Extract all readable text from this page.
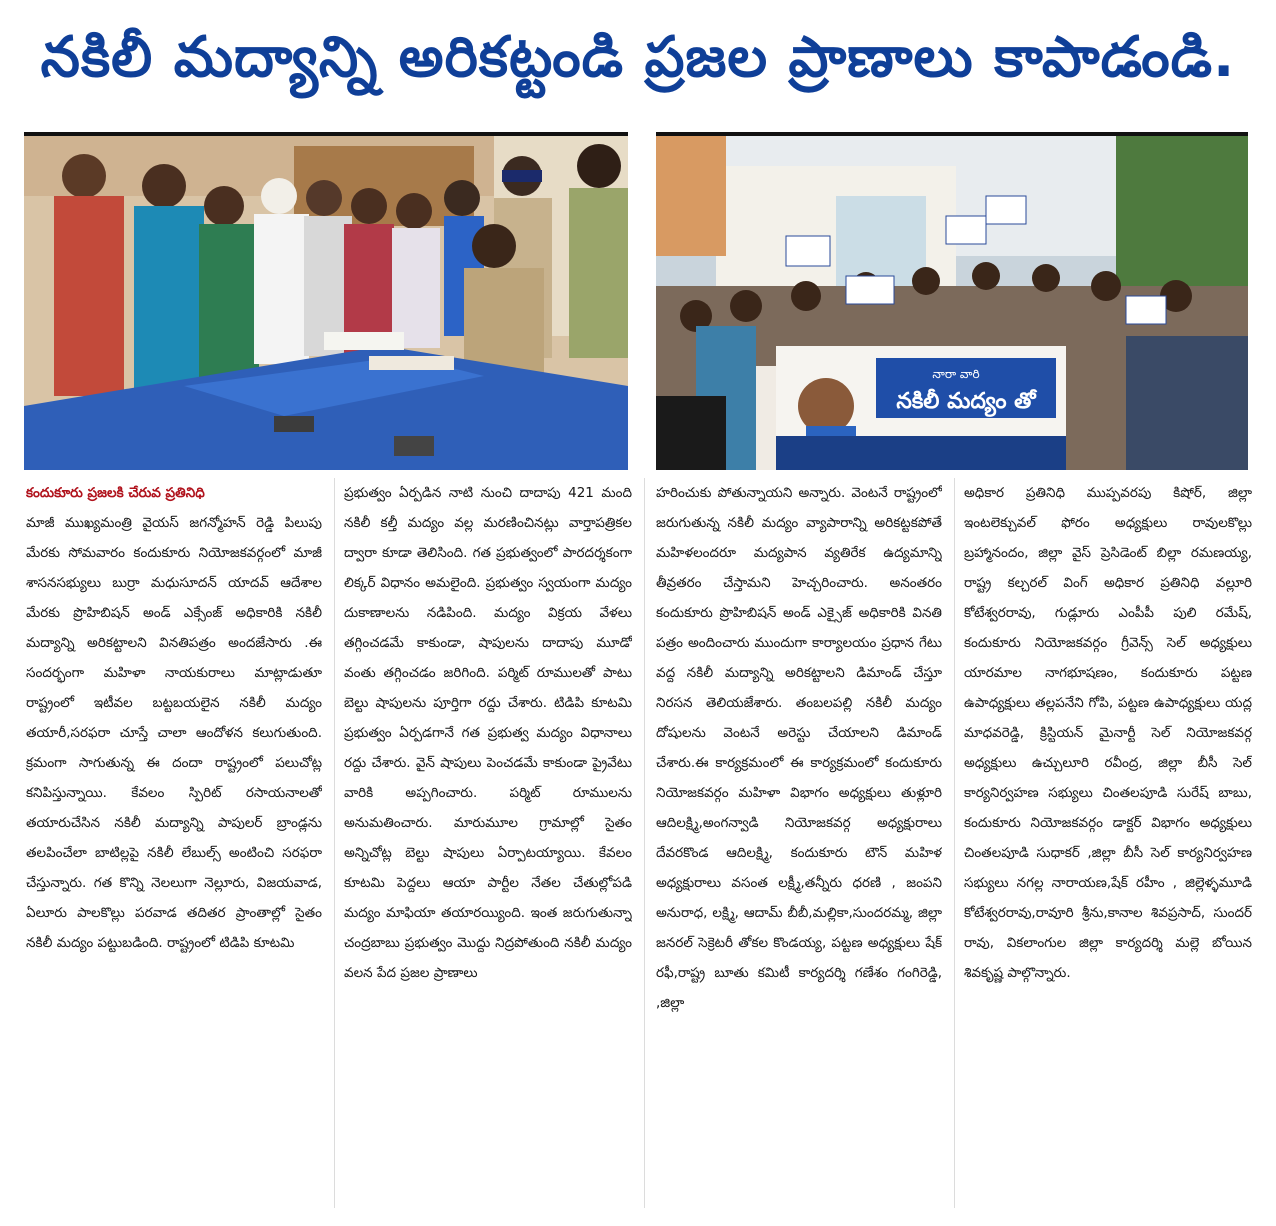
నకిలీ మద్యాన్ని అరికట్టండి ప్రజల ప్రాణాలు కాపాడండి.
నారా వారి
నకిలీ మద్యం తో
కందుకూరు ప్రజలకి చేరువ ప్రతినిధి
మాజీ ముఖ్యమంత్రి వైయస్ జగన్మోహన్ రెడ్డి పిలుపు మేరకు సోమవారం కందుకూరు నియోజకవర్గంలో మాజీ శాసనసభ్యులు బుర్రా మధుసూదన్ యాదవ్ ఆదేశాల మేరకు ప్రొహిబిషన్ అండ్ ఎక్సేంజ్ అధికారికి నకిలీ మద్యాన్ని అరికట్టాలని వినతిపత్రం అందజేసారు .ఈ సందర్భంగా మహిళా నాయకురాలు మాట్లాడుతూ రాష్ట్రంలో ఇటీవల బట్టబయలైన నకిలీ మద్యం తయారీ,సరఫరా చూస్తే చాలా ఆందోళన కలుగుతుంది. క్రమంగా సాగుతున్న ఈ దందా రాష్ట్రంలో పలుచోట్ల కనిపిస్తున్నాయి. కేవలం స్పిరిట్ రసాయనాలతో తయారుచేసిన నకిలీ మద్యాన్ని పాపులర్ బ్రాండ్లను తలపించేలా బాటిల్లపై నకిలీ లేబుల్స్ అంటించి సరఫరా చేస్తున్నారు. గత కొన్ని నెలలుగా నెల్లూరు, విజయవాడ, ఏలూరు పాలకొల్లు పరవాడ తదితర ప్రాంతాల్లో సైతం నకిలీ మద్యం పట్టుబడింది. రాష్ట్రంలో టిడిపి కూటమి
ప్రభుత్వం ఏర్పడిన నాటి నుంచి దాదాపు 421 మంది నకిలీ కల్తీ మద్యం వల్ల మరణించినట్లు వార్తాపత్రికల ద్వారా కూడా తెలిసింది. గత ప్రభుత్వంలో పారదర్శకంగా లిక్కర్ విధానం అమలైంది. ప్రభుత్వం స్వయంగా మద్యం దుకాణాలను నడిపింది. మద్యం విక్రయ వేళలు తగ్గించడమే కాకుండా, షాపులను దాదాపు మూడో వంతు తగ్గించడం జరిగింది. పర్మిట్ రూములతో పాటు బెల్టు షాపులను పూర్తిగా రద్దు చేశారు. టిడిపి కూటమి ప్రభుత్వం ఏర్పడగానే గత ప్రభుత్వ మద్యం విధానాలు రద్దు చేశారు. వైన్ షాపులు పెంచడమే కాకుండా ప్రైవేటు వారికి అప్పగించారు. పర్మిట్ రూములను అనుమతించారు. మారుమూల గ్రామాల్లో సైతం అన్నిచోట్ల బెల్టు షాపులు ఏర్పాటయ్యాయి. కేవలం కూటమి పెద్దలు ఆయా పార్టీల నేతల చేతుల్లోపడి మద్యం మాఫియా తయారయ్యింది. ఇంత జరుగుతున్నా చంద్రబాబు ప్రభుత్వం మొద్దు నిద్రపోతుంది నకిలీ మద్యం వలన పేద ప్రజల ప్రాణాలు
హరించుకు పోతున్నాయని అన్నారు. వెంటనే రాష్ట్రంలో జరుగుతున్న నకిలీ మద్యం వ్యాపారాన్ని అరికట్టకపోతే మహిళలందరూ మద్యపాన వ్యతిరేక ఉద్యమాన్ని తీవ్రతరం చేస్తామని హెచ్చరించారు. అనంతరం కందుకూరు ప్రొహిబిషన్ అండ్ ఎక్సైజ్ అధికారికి వినతి పత్రం అందించారు ముందుగా కార్యాలయం ప్రధాన గేటు వద్ద నకిలీ మద్యాన్ని అరికట్టాలని డిమాండ్ చేస్తూ నిరసన తెలియజేశారు. తంబలపల్లి నకిలీ మద్యం దోషులను వెంటనే అరెస్టు చేయాలని డిమాండ్ చేశారు.ఈ కార్యక్రమంలో ఈ కార్యక్రమంలో కందుకూరు నియోజకవర్గం మహిళా విభాగం అధ్యక్షులు తుళ్లూరి ఆదిలక్ష్మి,అంగన్వాడి నియోజకవర్గ అధ్యక్షురాలు దేవరకొండ ఆదిలక్ష్మి, కందుకూరు టౌన్ మహిళ అధ్యక్షురాలు వసంత లక్ష్మీ,తన్నీరు ధరణి , జంపని అనురాధ, లక్ష్మి, ఆదామ్ బీబీ,మల్లికా,సుందరమ్మ, జిల్లా జనరల్ సెక్రెటరీ తోకల కొండయ్య, పట్టణ అధ్యక్షులు షేక్ రఫీ,రాష్ట్ర బూతు కమిటీ కార్యదర్శి గణేశం గంగిరెడ్డి, ,జిల్లా
అధికార ప్రతినిధి ముప్పవరపు కిషోర్, జిల్లా ఇంటలెక్చువల్ ఫోరం అధ్యక్షులు రావులకొల్లు బ్రహ్మానందం, జిల్లా వైస్ ప్రెసిడెంట్ బిల్లా రమణయ్య, రాష్ట్ర కల్చరల్ వింగ్ అధికార ప్రతినిధి వల్లూరి కోటేశ్వరరావు, గుడ్లూరు ఎంపీపీ పులి రమేష్, కందుకూరు నియోజకవర్గం గ్రీవెన్స్ సెల్ అధ్యక్షులు యారమాల నాగభూషణం, కందుకూరు పట్టణ ఉపాధ్యక్షులు తల్లపనేని గోపి, పట్టణ ఉపాధ్యక్షులు యద్ల మాధవరెడ్డి, క్రిస్టియన్ మైనార్టీ సెల్ నియోజకవర్గ అధ్యక్షులు ఉచ్చులూరి రవీంద్ర, జిల్లా బీసీ సెల్ కార్యనిర్వహణ సభ్యులు చింతలపూడి సురేష్ బాబు, కందుకూరు నియోజకవర్గం డాక్టర్ విభాగం అధ్యక్షులు చింతలపూడి సుధాకర్ ,జిల్లా బీసీ సెల్ కార్యనిర్వహణ సభ్యులు నగల్ల నారాయణ,షేక్ రహీం , జిల్లెళ్ళమూడి కోటేశ్వరరావు,రావూరి శ్రీను,కానాల శివప్రసాద్, సుందర్ రావు, వికలాంగుల జిల్లా కార్యదర్శి మల్లె బోయిన శివకృష్ణ పాల్గొన్నారు.
